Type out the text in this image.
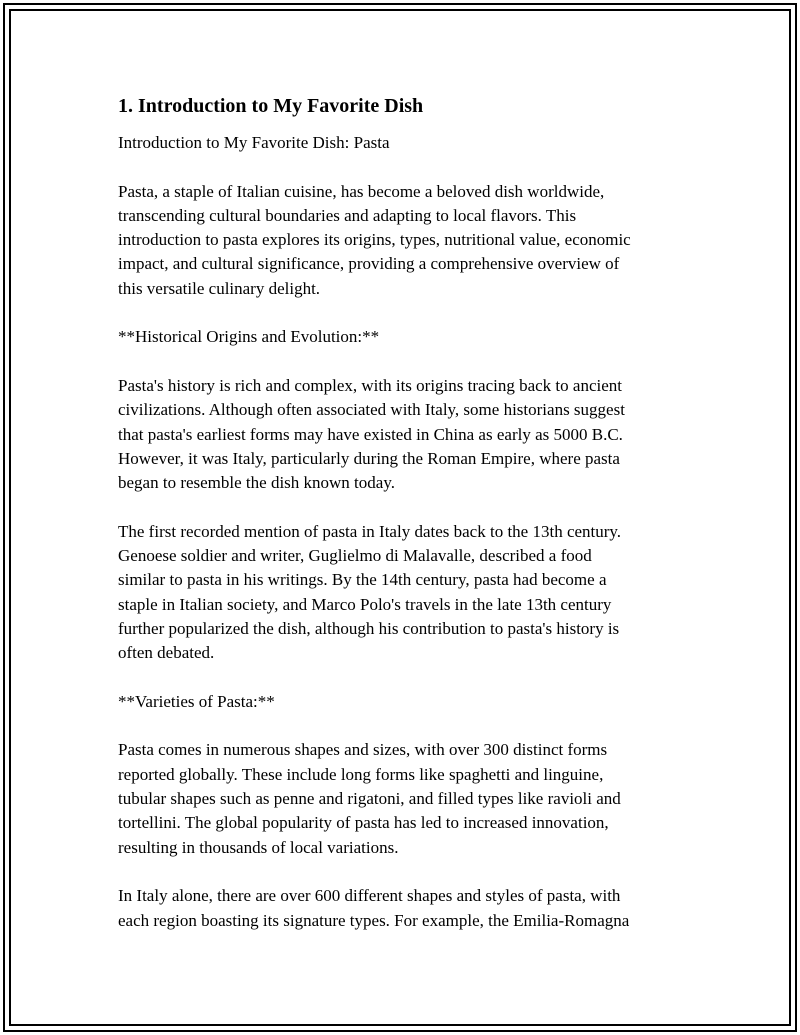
1. Introduction to My Favorite Dish

Introduction to My Favorite Dish: Pasta

Pasta, a staple of Italian cuisine, has become a beloved dish worldwide,
transcending cultural boundaries and adapting to local flavors. This
introduction to pasta explores its origins, types, nutritional value, economic
impact, and cultural significance, providing a comprehensive overview of
this versatile culinary delight.

**Historical Origins and Evolution:**

Pasta's history is rich and complex, with its origins tracing back to ancient
civilizations. Although often associated with Italy, some historians suggest
that pasta's earliest forms may have existed in China as early as 5000 B.C.
However, it was Italy, particularly during the Roman Empire, where pasta
began to resemble the dish known today.

The first recorded mention of pasta in Italy dates back to the 13th century.
Genoese soldier and writer, Guglielmo di Malavalle, described a food
similar to pasta in his writings. By the 14th century, pasta had become a
staple in Italian society, and Marco Polo's travels in the late 13th century
further popularized the dish, although his contribution to pasta's history is
often debated.

**Varieties of Pasta:**

Pasta comes in numerous shapes and sizes, with over 300 distinct forms
reported globally. These include long forms like spaghetti and linguine,
tubular shapes such as penne and rigatoni, and filled types like ravioli and
tortellini. The global popularity of pasta has led to increased innovation,
resulting in thousands of local variations.

In Italy alone, there are over 600 different shapes and styles of pasta, with
each region boasting its signature types. For example, the Emilia-Romagna
